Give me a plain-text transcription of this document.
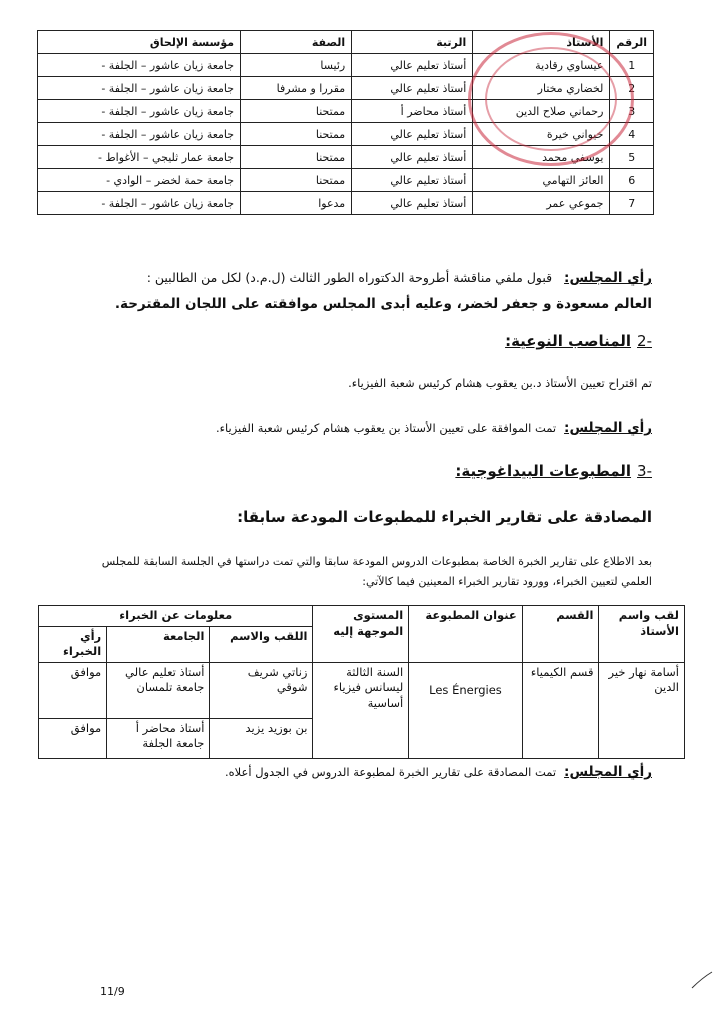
الرقم	الأستاذ	الرتبة	الصفة	مؤسسة الإلحاق
1	عيساوي رقادية	أستاذ تعليم عالي	رئيسا	جامعة زيان عاشور – الجلفة -
2	لخضاري مختار	أستاذ تعليم عالي	مقررا و مشرفا	جامعة زيان عاشور – الجلفة -
3	رحماني صلاح الدين	أستاذ محاضر أ	ممتحنا	جامعة زيان عاشور – الجلفة -
4	خيواني خيرة	أستاذ تعليم عالي	ممتحنا	جامعة زيان عاشور – الجلفة -
5	يوسفي محمد	أستاذ تعليم عالي	ممتحنا	جامعة عمار ثليجي – الأغواط -
6	العائز التهامي	أستاذ تعليم عالي	ممتحنا	جامعة حمة لخضر – الوادي -
7	جموعي عمر	أستاذ تعليم عالي	مدعوا	جامعة زيان عاشور – الجلفة -
رأي المجلس:   قبول ملفي مناقشة أطروحة الدكتوراه الطور الثالث (ل.م.د) لكل من الطالبين :
العالم مسعودة و جعفر لخضر، وعليه أبدى المجلس موافقته على اللجان المقترحة.
-2المناصب النوعية:
تم اقتراح تعيين الأستاذ د.بن يعقوب هشام كرئيس شعبة الفيزياء.
رأي المجلس:  تمت الموافقة على تعيين الأستاذ بن يعقوب هشام كرئيس شعبة الفيزياء.
-3المطبوعات البيداغوجية:
المصادقة على تقارير الخبراء للمطبوعات المودعة سابقا:
بعد الاطلاع على تقارير الخبرة الخاصة بمطبوعات الدروس المودعة سابقا والتي تمت دراستها في الجلسة السابقة للمجلس
العلمي لتعيين الخبراء، وورود تقارير الخبراء المعينين فيما كالآتي:
لقب واسم الأستاذ	القسم	عنوان المطبوعة	المستوى الموجهة إليه	معلومات عن الخبراء		
				اللقب والاسم	الجامعة	رأي الخبراء
أسامة نهار خير الدين	قسم الكيمياء	Les Énergies	السنة الثالثة ليسانس فيزياء أساسية	زناتي شريف شوقي	أستاذ تعليم عالي جامعة تلمسان	موافق
				بن بوزيد يزيد	أستاذ محاضر أ جامعة الجلفة	موافق
رأي المجلس:  تمت المصادقة على تقارير الخبرة لمطبوعة الدروس في الجدول أعلاه.
11/9
